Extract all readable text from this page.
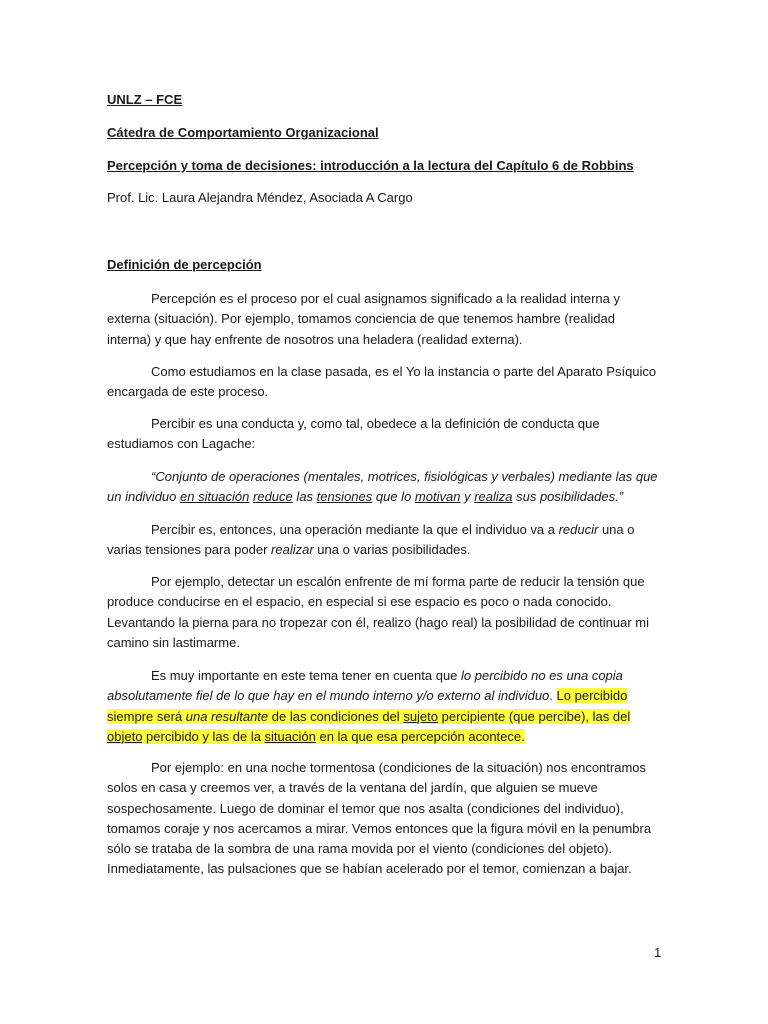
UNLZ – FCE
Cátedra de Comportamiento Organizacional
Percepción y toma de decisiones: introducción a la lectura del Capítulo 6 de Robbins
Prof. Lic. Laura Alejandra Méndez, Asociada A Cargo
Definición de percepción

Percepción es el proceso por el cual asignamos significado a la realidad interna y externa (situación). Por ejemplo, tomamos conciencia de que tenemos hambre (realidad interna) y que hay enfrente de nosotros una heladera (realidad externa).

Como estudiamos en la clase pasada, es el Yo la instancia o parte del Aparato Psíquico encargada de este proceso.

Percibir es una conducta y, como tal, obedece a la definición de conducta que estudiamos con Lagache:

“Conjunto de operaciones (mentales, motrices, fisiológicas y verbales) mediante las que un individuo en situación reduce las tensiones que lo motivan y realiza sus posibilidades.”

Percibir es, entonces, una operación mediante la que el individuo va a reducir una o varias tensiones para poder realizar una o varias posibilidades.

Por ejemplo, detectar un escalón enfrente de mí forma parte de reducir la tensión que produce conducirse en el espacio, en especial si ese espacio es poco o nada conocido. Levantando la pierna para no tropezar con él, realizo (hago real) la posibilidad de continuar mi camino sin lastimarme.

Es muy importante en este tema tener en cuenta que lo percibido no es una copia absolutamente fiel de lo que hay en el mundo interno y/o externo al individuo. Lo percibido siempre será una resultante de las condiciones del sujeto percipiente (que percibe), las del objeto percibido y las de la situación en la que esa percepción acontece.

Por ejemplo: en una noche tormentosa (condiciones de la situación) nos encontramos solos en casa y creemos ver, a través de la ventana del jardín, que alguien se mueve sospechosamente. Luego de dominar el temor que nos asalta (condiciones del individuo), tomamos coraje y nos acercamos a mirar. Vemos entonces que la figura móvil en la penumbra sólo se trataba de la sombra de una rama movida por el viento (condiciones del objeto). Inmediatamente, las pulsaciones que se habían acelerado por el temor, comienzan a bajar.

1
